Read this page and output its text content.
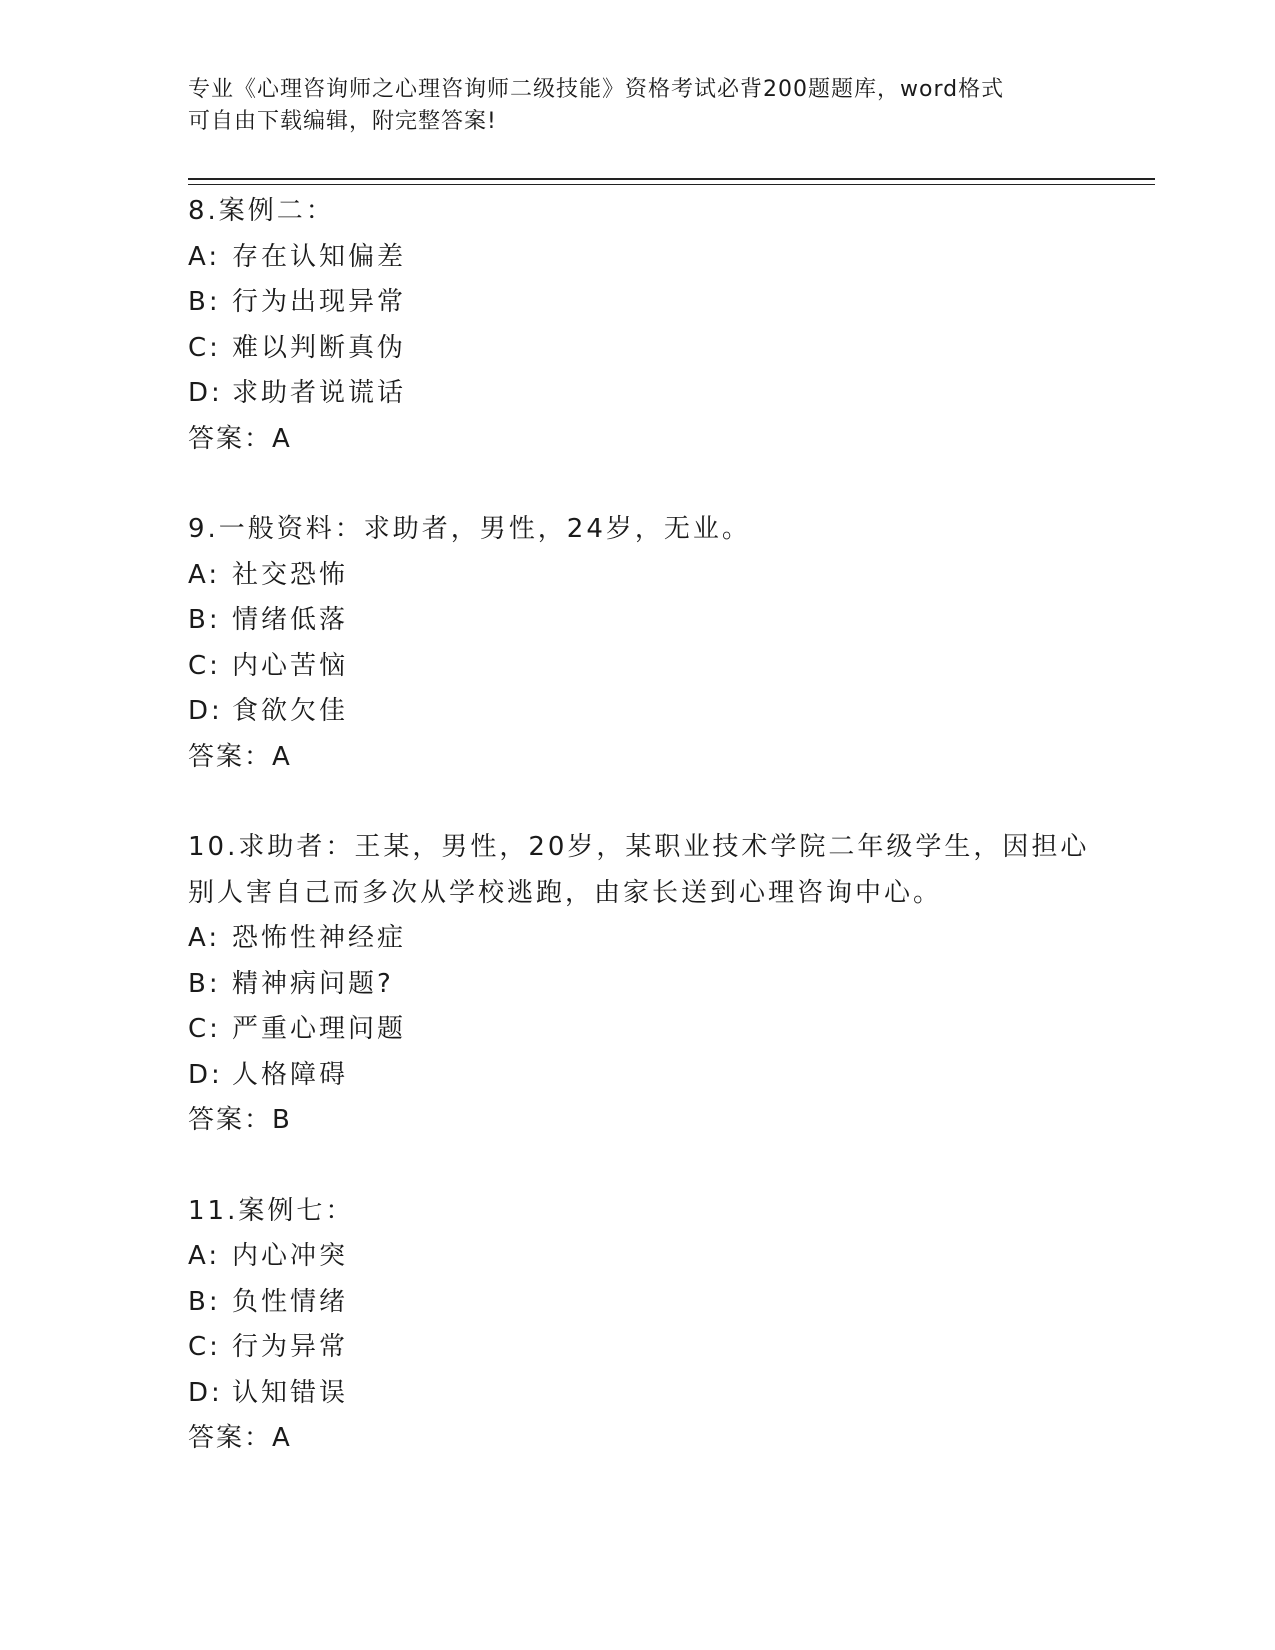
专业《心理咨询师之心理咨询师二级技能》资格考试必背200题题库，word格式
可自由下载编辑，附完整答案!
8.案例二：
A: 存在认知偏差
B: 行为出现异常
C: 难以判断真伪
D: 求助者说谎话
答案：A
9.一般资料：求助者，男性，24岁，无业。
A: 社交恐怖
B: 情绪低落
C: 内心苦恼
D: 食欲欠佳
答案：A
10.求助者：王某，男性，20岁，某职业技术学院二年级学生，因担心
别人害自己而多次从学校逃跑，由家长送到心理咨询中心。
A: 恐怖性神经症
B: 精神病问题?
C: 严重心理问题
D: 人格障碍
答案：B
11.案例七：
A: 内心冲突
B: 负性情绪
C: 行为异常
D: 认知错误
答案：A
